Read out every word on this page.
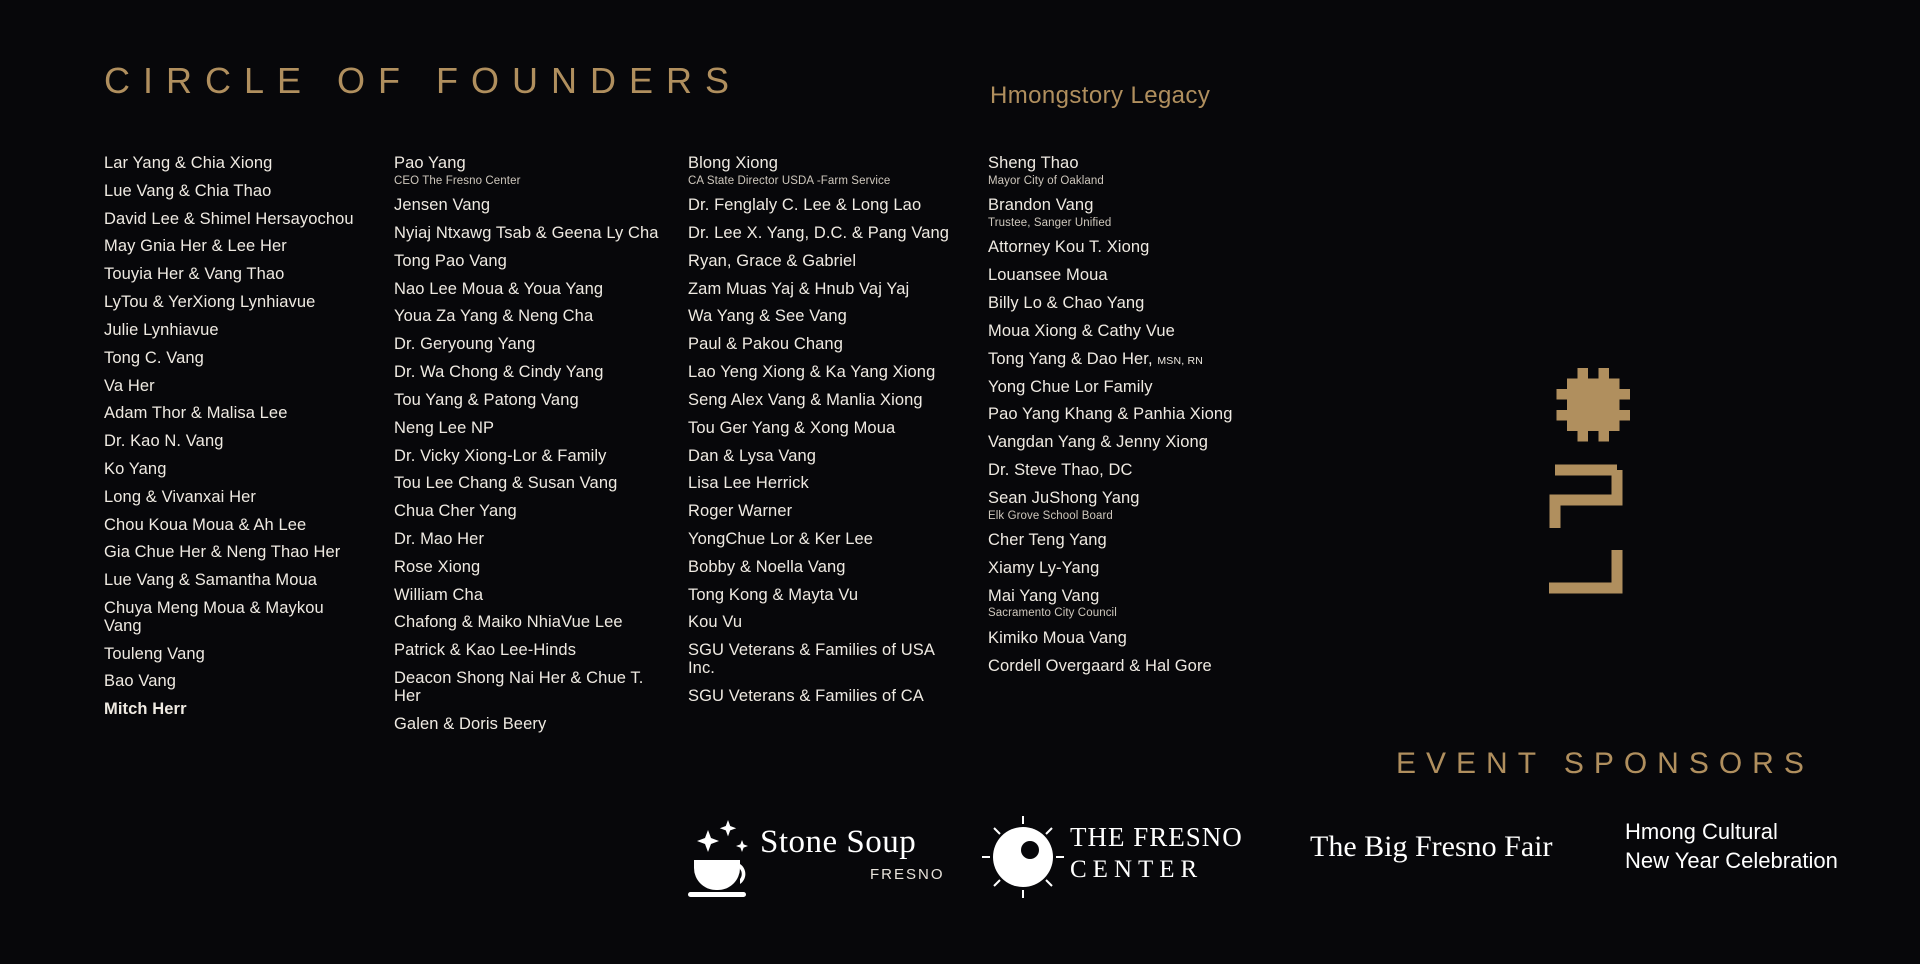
CIRCLE OF FOUNDERS	Hmongstory Legacy
Lar Yang & Chia Xiong
Lue Vang & Chia Thao
David Lee & Shimel Hersayochou
May Gnia Her & Lee Her
Touyia Her & Vang Thao
LyTou & YerXiong Lynhiavue
Julie Lynhiavue
Tong C. Vang
Va Her
Adam Thor & Malisa Lee
Dr. Kao N. Vang
Ko Yang
Long & Vivanxai Her
Chou Koua Moua & Ah Lee
Gia Chue Her & Neng Thao Her
Lue Vang & Samantha Moua
Chuya Meng Moua & Maykou Vang
Touleng Vang
Bao Vang
Mitch Herr
Pao Yang
CEO The Fresno Center
Jensen Vang
Nyiaj Ntxawg Tsab & Geena Ly Cha
Tong Pao Vang
Nao Lee Moua & Youa Yang
Youa Za Yang & Neng Cha
Dr. Geryoung Yang
Dr. Wa Chong & Cindy Yang
Tou Yang & Patong Vang
Neng Lee NP
Dr. Vicky Xiong-Lor & Family
Tou Lee Chang & Susan Vang
Chua Cher Yang
Dr. Mao Her
Rose Xiong
William Cha
Chafong & Maiko NhiaVue Lee
Patrick & Kao Lee-Hinds
Deacon Shong Nai Her & Chue T. Her
Galen & Doris Beery
Blong Xiong
CA State Director USDA -Farm Service
Dr. Fenglaly C. Lee & Long Lao
Dr. Lee X. Yang, D.C. & Pang Vang
Ryan, Grace & Gabriel
Zam Muas Yaj & Hnub Vaj Yaj
Wa Yang & See Vang
Paul & Pakou Chang
Lao Yeng Xiong & Ka Yang Xiong
Seng Alex Vang & Manlia Xiong
Tou Ger Yang & Xong Moua
Dan & Lysa Vang
Lisa Lee Herrick
Roger Warner
YongChue Lor & Ker Lee
Bobby & Noella Vang
Tong Kong & Mayta Vu
Kou Vu
SGU Veterans & Families of USA Inc.
SGU Veterans & Families of CA
Sheng Thao
Mayor City of Oakland
Brandon Vang
Trustee, Sanger Unified
Attorney Kou T. Xiong
Louansee Moua
Billy Lo & Chao Yang
Moua Xiong & Cathy Vue
Tong Yang & Dao Her, MSN, RN
Yong Chue Lor Family
Pao Yang Khang & Panhia Xiong
Vangdan Yang & Jenny Xiong
Dr. Steve Thao, DC
Sean JuShong Yang
Elk Grove School Board
Cher Teng Yang
Xiamy Ly-Yang
Mai Yang Vang
Sacramento City Council
Kimiko Moua Vang
Cordell Overgaard & Hal Gore
EVENT SPONSORS
Stone Soup
FRESNO
THE FRESNO
CENTER
The Big Fresno Fair	Hmong Cultural
New Year Celebration
